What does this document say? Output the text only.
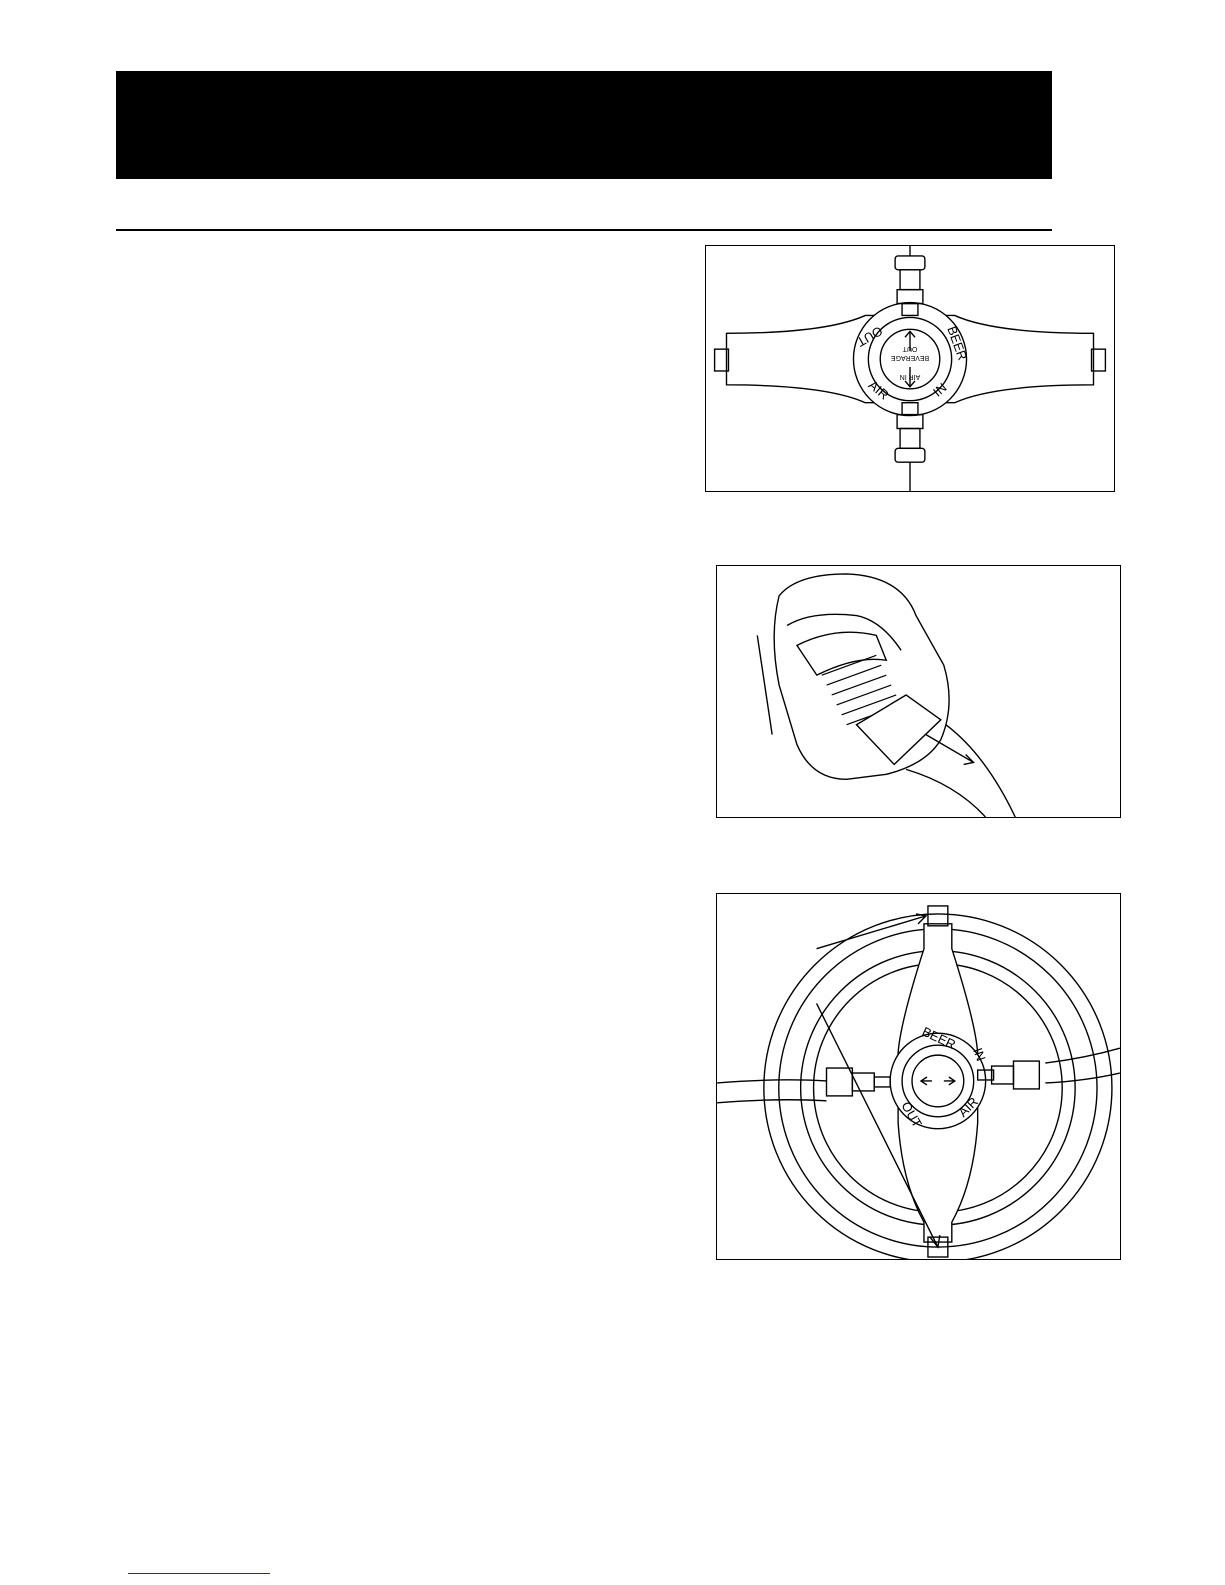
OUT	BEER
IN
AIR
AIR IN
BEVERAGE
OUT
BEER
IN
AIR
OUT
